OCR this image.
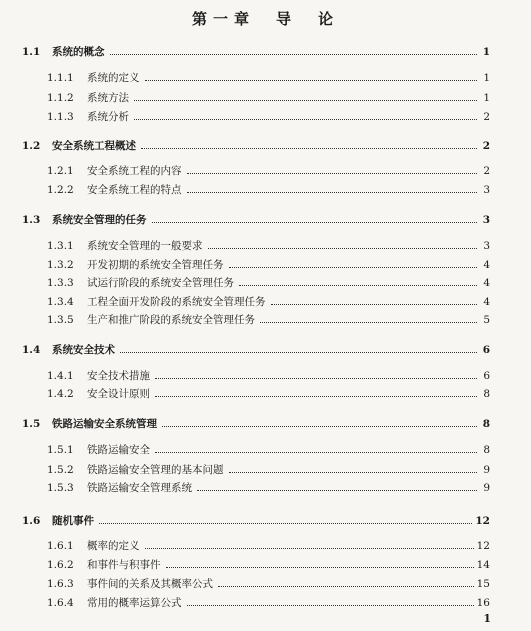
第一章　导　论
1.1	系统的概念	1
1.1.1	系统的定义	1
1.1.2	系统方法	1
1.1.3	系统分析	2
1.2	安全系统工程概述	2
1.2.1	安全系统工程的内容	2
1.2.2	安全系统工程的特点	3
1.3	系统安全管理的任务	3
1.3.1	系统安全管理的一般要求	3
1.3.2	开发初期的系统安全管理任务	4
1.3.3	试运行阶段的系统安全管理任务	4
1.3.4	工程全面开发阶段的系统安全管理任务	4
1.3.5	生产和推广阶段的系统安全管理任务	5
1.4	系统安全技术	6
1.4.1	安全技术措施	6
1.4.2	安全设计原则	8
1.5	铁路运输安全系统管理	8
1.5.1	铁路运输安全	8
1.5.2	铁路运输安全管理的基本问题	9
1.5.3	铁路运输安全管理系统	9
1.6	随机事件	12
1.6.1	概率的定义	12
1.6.2	和事件与积事件	14
1.6.3	事件间的关系及其概率公式	15
1.6.4	常用的概率运算公式	16
1
